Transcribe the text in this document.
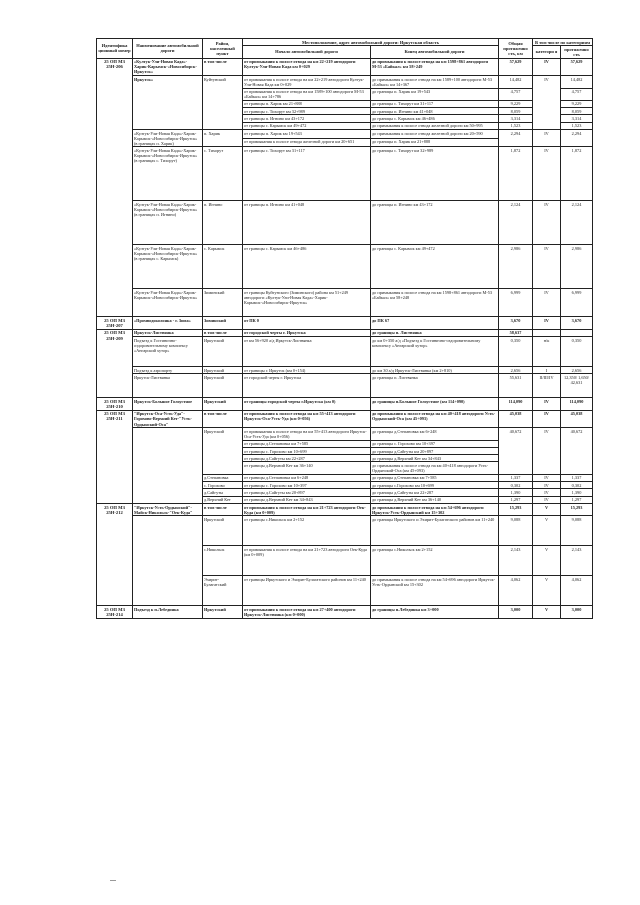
Идентифика ционный номер	Наименование автомобильной дороги	Район, населенный пункт	Местоположение, адрес автомобильной дороги: Иркутская область		Общая протяженно сть, км	В том числе по категориям	
			Начало автомобильной дороги	Конец автомобильной дороги		категори я	протяженно сть
25 ОП МЗ 25Н-206	«Култук-Ули-Новая Када»-Харик-Карымск-«Новосибирск-Иркутск»	в том числе	от примыкания к полосе отвода на км 22+219 автодороги Култук-Ули-Новая Када км 0+029	до примыкания к полосе отвода на км 1598+861 автодороги М-53 «Байкал» км 58+249	57,629	IV	57,629
	Иркутск»	Куйтунский	от примыкания к полосе отвода на км 22+219 автодороги Култук-Ули-Новая Када км 0+029	до примыкания к полосе отвода на км 1589+100 автодороги М-53 «Байкал» км 14+367	14,482	IV	14,482
			от примыкания к полосе отвода на км 1589+100 автодороги М-53 «Байкал» км 14+786	до границы п. Харик км 19+543	4,757		4,757
			от границы п. Харик км 21+888	до границы с. Тихорут км 31+117	9,229		9,229
			от границы с. Тихорут км 32+989	до границы п. Игнино км 41+048	8,059		8,059
			от границы п. Игнино км 43+172	до границы с. Карымск км 46+486	3,314		3,314
			от границы с. Карымск км 49+472	до примыкания к полосе отвода железной дороги км 50+995	1,523		1,523
	«Култук-Ули-Новая Када»-Харик-Карымск-«Новосибирск-Иркутск» (в границах п. Харик)	п. Харик	от границы п. Харик км 19+543	до примыкания к полосе отвода железной дороги км 20+590	2,294	IV	2,294
			от примыкания к полосе отвода железной дороги км 20+651	до границы п. Харик км 21+888			
	«Култук-Ули-Новая Када»-Харик-Карымск-«Новосибирск-Иркутск» (в границах с. Тихорут)	с. Тихорут	от границы с. Тихорут км 31+117	до границы с. Тихорут км 32+989	1,872	IV	1,872
	«Култук-Ули-Новая Када»-Харик-Карымск-«Новосибирск-Иркутск» (в границах п. Игнино)	п. Игнино	от границы п. Игнино км 41+048	до границы п. Игнино км 43+172	2,124	IV	2,124
	«Култук-Ули-Новая Када»-Харик-Карымск-«Новосибирск-Иркутск» (в границах с. Карымск)	с. Карымск	от границы с. Карымск км 46+486	до границы с. Карымск км 49+472	2,986	IV	2,986
	«Култук-Ули-Новая Када»-Харик-Карымск-«Новосибирск-Иркутск»	Зиминский	от границы Куйтунского (Зиминского) района км 51+249 автодороги «Култук-Ули-Новая Када»-Харик-Карымск-«Новосибирск-Иркутск»	до примыкания к полосе отвода на км 1598+861 автодороги М-53 «Байкал» км 58+248	6,999	IV	6,999
25 ОП МЗ 25Н-207	«Промводоколонка - г. Зима»	Зиминский	от ПК 0	до ПК 67	3,670	IV	3,670
25 ОП МЗ 25Н-209	Иркутск-Листвянка	в том числе	от городской черты г. Иркутска	до границы п. Листвянка	58,637		
	Подъезд к Гостинично-оздоровительному комплексу «Ангарский хутор»	Иркутский	от км 56+920 а/д Иркутск-Листвянка	до км 0+350 а/д «Подъезд к Гостинично-оздоровительному комплексу «Ангарский хутор»	0,350	н/к	0,350
	Подъезд к аэропорту	Иркутский	от границы г. Иркутск (км 0+154)	до км 30 а/д Иркутск-Листвянка (км 2+810)	2,656	I	2,656
	Иркутск-Листвянка	Иркутский	от городской черты г. Иркутска	до границы п. Листвянка	55,631	II/III/IV	12,350/ 1,650/ 42,631
25 ОП МЗ 25Н-210	Иркутск-Большое Голоустное	Иркутский	от границы городской черты г.Иркутска (км 0)	до границы п.Большое Голоустное (км 114+090)	114,090	IV	114,090
25 ОП МЗ 25Н-211	"Иркутск-Оса-Усть-Уда"-Горохово-Верхний Кет-"Усть-Ордынский-Оса"	в том числе	от примыкания к полосе отвода на км 55+413 автодороги Иркутск-Оса-Усть-Уда (км 0+056)	до примыкания к полосе отвода на км 40+418 автодороги Усть-Ордынский-Оса (км 45+093)	45,038	IV	45,038
		Иркутский	от примыкания к полосе отвода на км 55+413 автодороги Иркутск-Оса-Усть-Уда (км 0+056)	до границы д.Степановка км 6+248	40,672	IV	40,672
			от границы д.Степановка км 7+585	до границы с. Горохово км 10+397			
			от границы с. Горохово км 10+699	до границы д.Сайгуты км 20+897			
			от границы д.Сайгуты км 22+287	до границы д.Верхний Кет км 34+843			
			от границы д.Верхний Кет км 36+140	до примыкания к полосе отвода на км 40+418 автодороги Усть-Ордынский-Оса (км 45+093)			
		д.Степановка	от границы д.Степановка км 6+248	до границы д.Степановка км 7+585	1,337	IV	1,337
		с. Горохово	от границы с. Горохово км 10+397	до границы с.Горохово км 10+699	0,302	IV	0,302
		д.Сайгуты	от границы д.Сайгуты км 20+897	до границы д.Сайгуты км 22+287	1,390	IV	1,390
		д.Верхний Кет	от границы д.Верхний Кет км 34+843	до границы д.Верхний Кет км 36+140	1,297	IV	1,297
25 ОП МЗ 25Н-212	"Иркутск-Усть-Ордынский"-Майск-Никольск-"Оек-Куда"	в том числе	от примыкания к полосе отвода на км 21+723 автодороги Оек-Куда (км 0+009)	до примыкания к полосе отвода на км 54+696 автодороги Иркутск-Усть-Ордынский км 15+302	15,293	V	15,293
		Иркутский	от границы с.Никольск км 2+152	до границы Иркутского и Эхирит-Булагатского районов км 11+240	9,088	V	9,088
		с.Никольск	от примыкания к полосе отвода на км 21+723 автодороги Оек-Куда (км 0+009)	до границы с.Никольск км 2+152	2,143	V	2,143
		Эхирит-Булагатский	от границы Иркутского и Эхирит-Булагатского районов км 11+240	до примыкания к полосе отвода на км 54+696 автодороги Иркутск-Усть-Ордынский км 15+302	4,062	V	4,062
25 ОП МЗ 25Н-214	Подъезд к п.Лебединка	Иркутский	от примыкания к полосе отвода на км 27+400 автодороги Иркутск-Листвянка (км 0+000)	до границы п.Лебединка км 3+000	3,000	V	3,000
